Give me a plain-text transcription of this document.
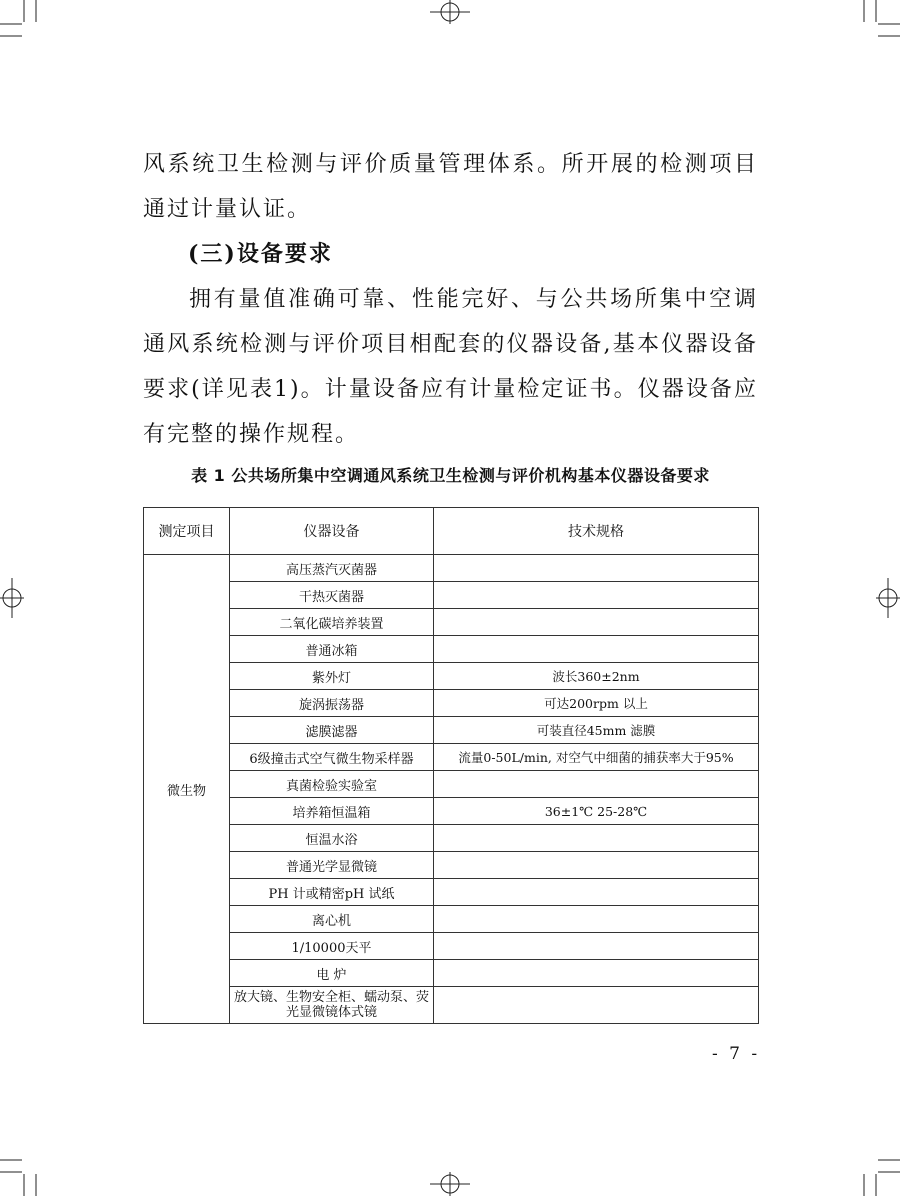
风系统卫生检测与评价质量管理体系。所开展的检测项目通过计量认证。

(三)设备要求

拥有量值准确可靠、性能完好、与公共场所集中空调通风系统检测与评价项目相配套的仪器设备,基本仪器设备要求(详见表1)。计量设备应有计量检定证书。仪器设备应有完整的操作规程。

表 1 公共场所集中空调通风系统卫生检测与评价机构基本仪器设备要求

测定项目	仪器设备	技术规格
微生物	高压蒸汽灭菌器	
	干热灭菌器	
	二氧化碳培养装置	
	普通冰箱	
	紫外灯	波长360±2nm
	旋涡振荡器	可达200rpm 以上
	滤膜滤器	可装直径45mm 滤膜
	6级撞击式空气微生物采样器	流量0-50L/min, 对空气中细菌的捕获率大于95%
	真菌检验实验室	
	培养箱恒温箱	36±1℃ 25-28℃
	恒温水浴	
	普通光学显微镜	
	PH 计或精密pH 试纸	
	离心机	
	1/10000天平	
	电 炉	
	放大镜、生物安全柜、蠕动泵、荧光显微镜体式镜	
- 7 -
